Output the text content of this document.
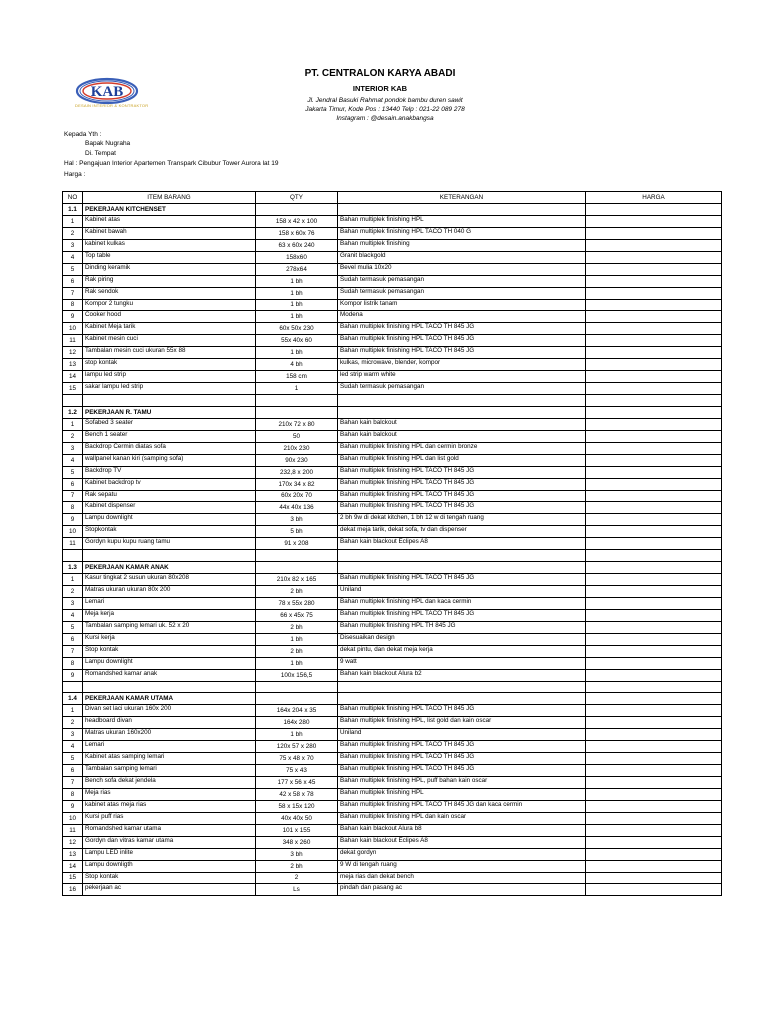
KAB
DESAIN INTERIOR & KONTRAKTOR
PT. CENTRALON KARYA ABADI
INTERIOR KAB
Jl. Jendral Basuki Rahmat pondok bambu duren sawit
Jakarta Timur, Kode Pos : 13440 Telp : 021-22 089 278
Instagram : @desain.anakbangsa
Kepada Yth :
Bapak Nugraha
Di. Tempat
Hal : Pengajuan Interior Apartemen Transpark Cibubur Tower Aurora lat 19
Harga :
NO	ITEM BARANG	QTY	KETERANGAN	HARGA
1.1	PEKERJAAN KITCHENSET			
1	Kabinet atas	158 x 42 x 100	Bahan multiplek finishing HPL	
2	Kabinet bawah	158 x 60x 76	Bahan multiplek finishing HPL TACO TH 040 G	
3	kabinet kulkas	63 x 60x 240	Bahan multiplek finishing	
4	Top table	158x60	Granit blackgold	
5	Dinding keramik	278x64	Bevel mulia 10x20	
6	Rak piring	1 bh	Sudah termasuk pemasangan	
7	Rak sendok	1 bh	Sudah termasuk pemasangan	
8	Kompor 2 tungku	1 bh	Kompor listrik tanam	
9	Cooker hood	1 bh	Modena	
10	Kabinet Meja tarik	60x 50x 230	Bahan multiplek finishing HPL TACO TH 845 JG	
11	Kabinet mesin cuci	55x 40x 60	Bahan multiplek finishing HPL TACO TH 845 JG	
12	Tambalan mesin cuci ukuran 55x 88	1 bh	Bahan multiplek finishing HPL TACO TH 845 JG	
13	stop kontak	4 bh	kulkas, microwave, blender, kompor	
14	lampu led strip	158 cm	led strip warm white	
15	sakar lampu led strip	1	Sudah termasuk pemasangan	

1.2	PEKERJAAN R. TAMU			
1	Sofabed 3 seater	210x 72 x 80	Bahan kain balckout	
2	Bench 1 seater	50	Bahan kain balckout	
3	Backdrop Cermin diatas sofa	210x 230	Bahan multiplek finishing HPL dan cermin bronze	
4	wallpanel kanan kiri (samping sofa)	90x 230	Bahan multiplek finishing HPL dan list gold	
5	Backdrop TV	232,8 x 200	Bahan multiplek finishing HPL TACO TH 845 JG	
6	Kabinet backdrop tv	170x 34 x 82	Bahan multiplek finishing HPL TACO TH 845 JG	
7	Rak sepatu	60x 20x 70	Bahan multiplek finishing HPL TACO TH 845 JG	
8	Kabinet dispenser	44x 40x 136	Bahan multiplek finishing HPL TACO TH 845 JG	
9	Lampu downlight	3 bh	2 bh 9w di dekat kitchen, 1 bh 12 w di tengah ruang	
10	Stopkontak	5 bh	dekat meja tarik, dekat sofa, tv dan dispenser	
11	Gordyn kupu kupu ruang tamu	91 x 208	Bahan kain blackout Eclipes A8	

1.3	PEKERJAAN KAMAR ANAK			
1	Kasur tingkat 2 susun ukuran 80x208	210x 82 x 165	Bahan multiplek finishing HPL TACO TH 845 JG	
2	Matras ukuran ukuran 80x 200	2 bh	Uniland	
3	Lemari	78 x 55x 280	Bahan multiplek finishing HPL dan kaca cermin	
4	Meja kerja	66 x 45x 75	Bahan multiplek finishing HPL TACO TH 845 JG	
5	Tambalan samping lemari uk. 52 x 20	2 bh	Bahan multiplek finishing HPL TH 845 JG	
6	Kursi kerja	1 bh	Disesuaikan design	
7	Stop kontak	2 bh	dekat pintu, dan dekat meja kerja	
8	Lampu downlight	1 bh	9 watt	
9	Romandshed kamar anak	100x 156,5	Bahan kain blackout Alura b2	

1.4	PEKERJAAN KAMAR UTAMA			
1	Divan set laci ukuran 160x 200	164x 204 x 35	Bahan multiplek finishing HPL TACO TH 845 JG	
2	headboard divan	164x 280	Bahan multiplek finishing HPL, list gold dan kain oscar	
3	Matras ukuran 160x200	1 bh	Uniland	
4	Lemari	120x 57 x 280	Bahan multiplek finishing HPL TACO TH 845 JG	
5	Kabinet atas samping lemari	75 x 48 x 70	Bahan multiplek finishing HPL TACO TH 845 JG	
6	Tambalan samping lemari	75 x 43	Bahan multiplek finishing HPL TACO TH 845 JG	
7	Bench sofa dekat jendela	177 x 56 x 45	Bahan multiplek finishing HPL, puff bahan kain oscar	
8	Meja rias	42 x 58 x 78	Bahan multiplek finishing HPL	
9	kabinet atas meja rias	58 x 15x 120	Bahan multiplek finishing HPL TACO TH 845 JG dan kaca cermin	
10	Kursi puff rias	40x 40x 50	Bahan multiplek finishing HPL dan kain oscar	
11	Romandshed kamar utama	101 x 155	Bahan kain blackout Alura b8	
12	Gordyn dan vitras kamar utama	348 x 260	Bahan kain blackout Eclipes A8	
13	Lampu LED inlite	3 bh	dekat gordyn	
14	Lampu downligth	2 bh	9 W di tengah ruang	
15	Stop kontak	2	meja rias dan dekat bench	
16	pekerjaan ac	Ls	pindah dan pasang ac	
